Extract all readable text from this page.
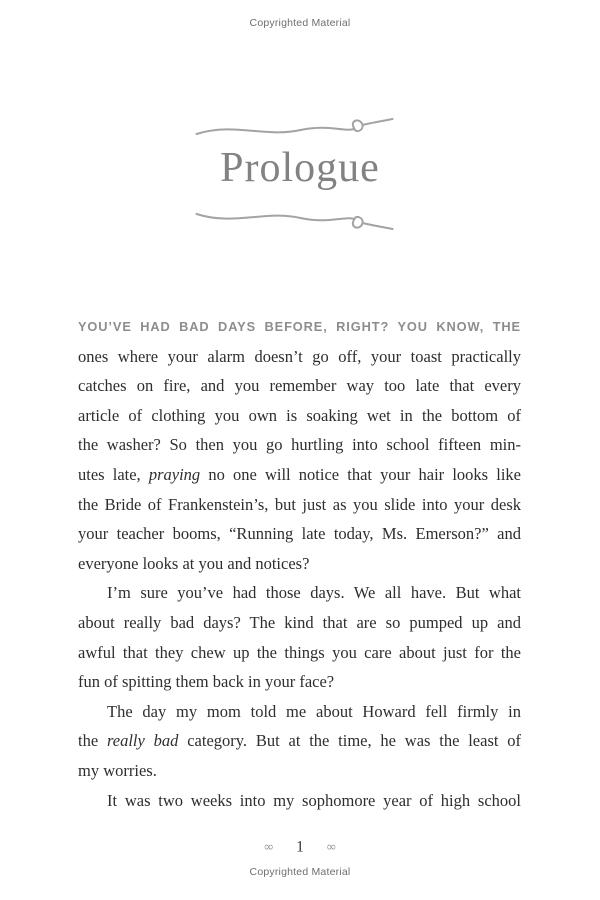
Copyrighted Material
Prologue
YOU’VE HAD BAD DAYS BEFORE, RIGHT? YOU KNOW, THE
ones where your alarm doesn’t go off, your toast practically
catches on fire, and you remember way too late that every
article of clothing you own is soaking wet in the bottom of
the washer? So then you go hurtling into school fifteen min-
utes late, praying no one will notice that your hair looks like
the Bride of Frankenstein’s, but just as you slide into your desk
your teacher booms, “Running late today, Ms. Emerson?” and
everyone looks at you and notices?
I’m sure you’ve had those days. We all have. But what
about really bad days? The kind that are so pumped up and
awful that they chew up the things you care about just for the
fun of spitting them back in your face?
The day my mom told me about Howard fell firmly in
the really bad category. But at the time, he was the least of
my worries.
It was two weeks into my sophomore year of high school
∞ 1 ∞
Copyrighted Material
